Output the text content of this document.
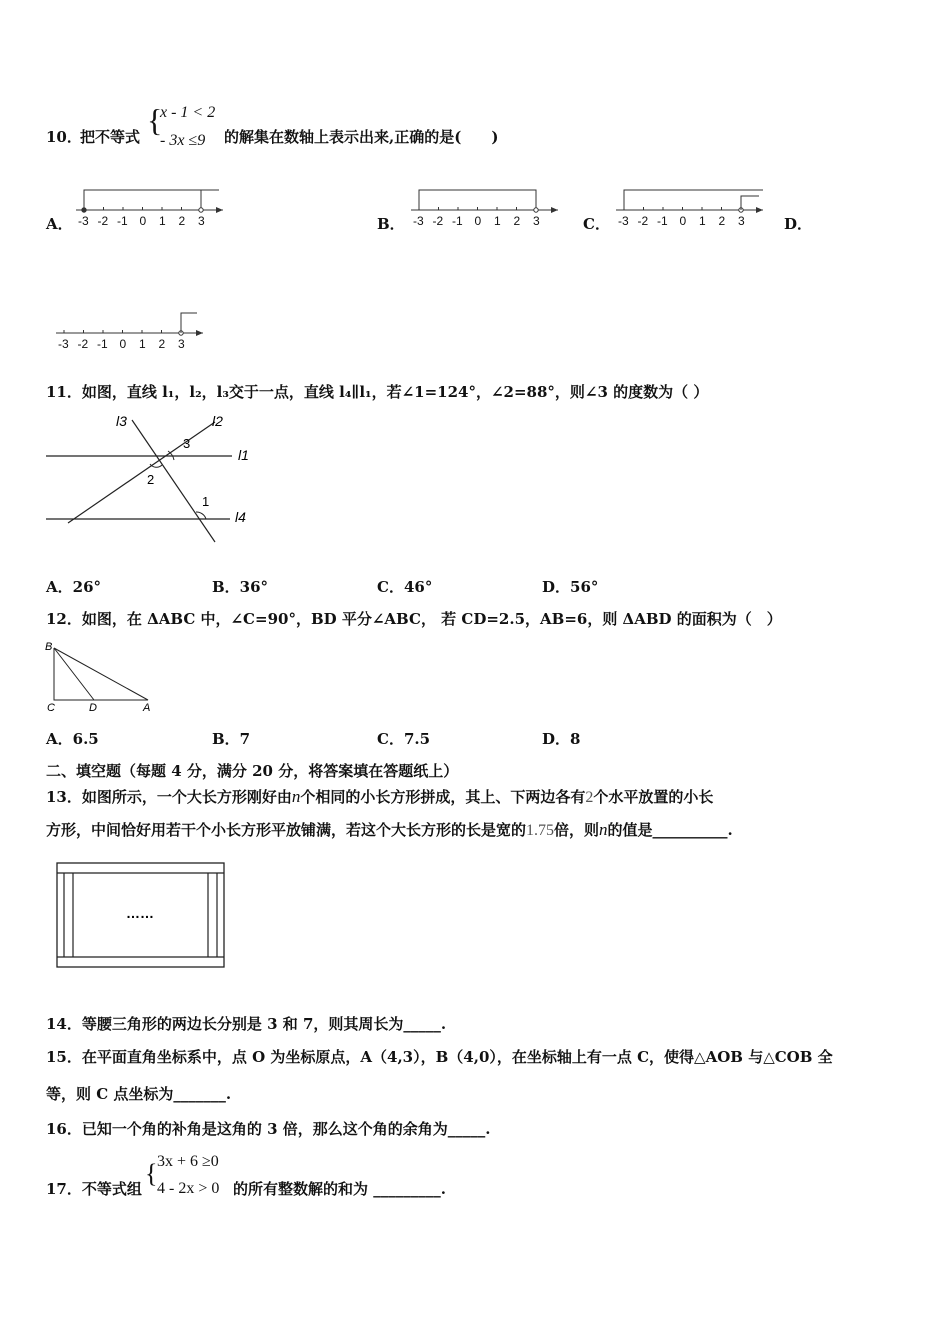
10．
把不等式 {
x - 1 < 2
- 3x ≤9 的解集在数轴上表示出来,正确的是(　　)
A． -3 -2 -1 0 1 2 3	B． -3 -2 -1 0 1 2 3	C． -3 -2 -1 0 1 2 3	D．
-3 -2 -1 0 1 2 3
11．如图，直线 l₁，l₂，l₃交于一点，直线 l₄∥l₁，若∠1=124°，∠2=88°，则∠3 的度数为（ ）
l3	l2
l1
l4
3
2
1
A．26°	B．36°	C．46°	D．56°
12．如图，在 ΔABC 中，∠C=90°，BD 平分∠ABC， 若 CD=2.5，AB=6，则 ΔABD 的面积为（　）
B
C	D	A
A．6.5	B．7	C．7.5	D．8
二、填空题（每题 4 分，满分 20 分，将答案填在答题纸上）
13．如图所示，一个大长方形刚好由n个相同的小长方形拼成，其上、下两边各有2个水平放置的小长
方形，中间恰好用若干个小长方形平放铺满，若这个大长方形的长是宽的1.75倍，则n的值是__________.
……
14．等腰三角形的两边长分别是 3 和 7，则其周长为_____.
15．在平面直角坐标系中，点 O 为坐标原点，A（4,3），B（4,0），在坐标轴上有一点 C，使得△AOB 与△COB 全
等，则 C 点坐标为_______.
16．已知一个角的补角是这角的 3 倍，那么这个角的余角为_____.
17．不等式组
{ 3x + 6 ≥0
4 - 2x > 0 的所有整数解的和为 _________.
